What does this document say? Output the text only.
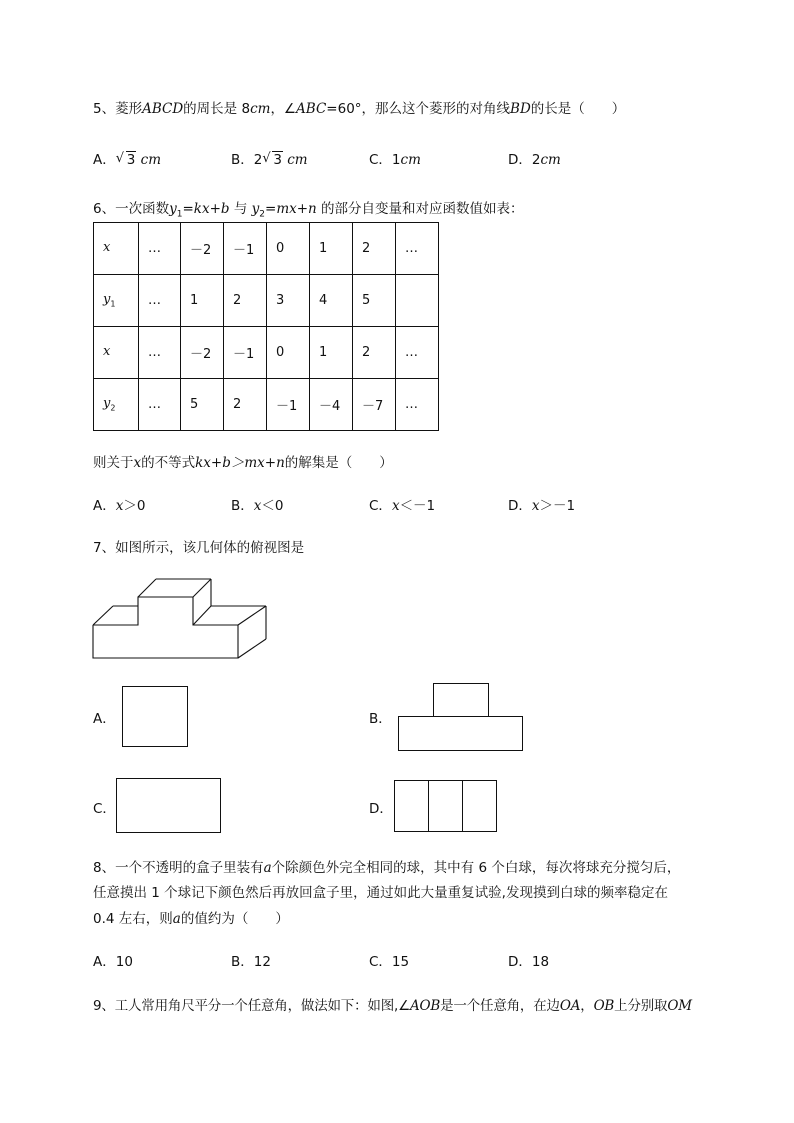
5、菱形ABCD的周长是 8cm，∠ABC=60°，那么这个菱形的对角线BD的长是（　　）
A． √ 3 cm	B．2 √ 3 cm	C．1cm	D．2cm
6、一次函数$y_1=kx+b$ 与 $y_2=mx+n$ 的部分自变量和对应函数值如表：
x	…	－2	－1	0	1	2	…
$y_1$	…	1	2	3	4	5	
x	…	－2	－1	0	1	2	…
$y_2$	…	5	2	－1	－4	－7	…
则关于x的不等式kx+b＞mx+n的解集是（　　）
A．x＞0	B．x＜0	C．x＜－1	D．x＞－1
7、如图所示，该几何体的俯视图是
A．	B．
C．	D．
8、一个不透明的盒子里装有a个除颜色外完全相同的球，其中有 6 个白球，每次将球充分搅匀后，
任意摸出 1 个球记下颜色然后再放回盒子里，通过如此大量重复试验,发现摸到白球的频率稳定在
0.4 左右，则a的值约为（　　）
A．10	B．12	C．15	D．18
9、工人常用角尺平分一个任意角，做法如下：如图,∠AOB是一个任意角，在边OA，OB上分别取OM
